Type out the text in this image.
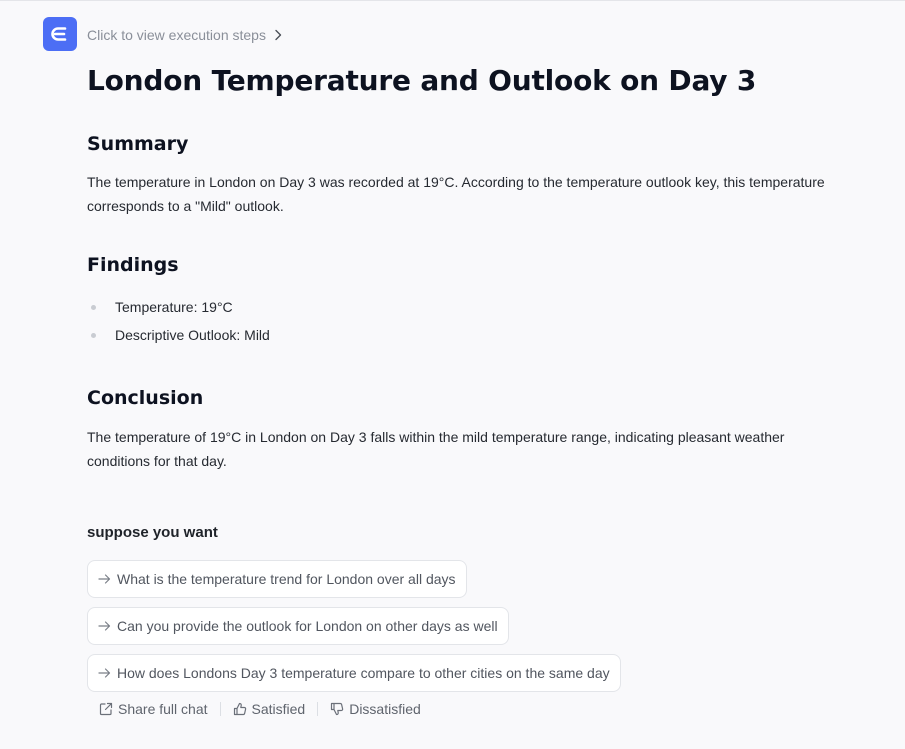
Click to view execution steps
London Temperature and Outlook on Day 3
Summary

The temperature in London on Day 3 was recorded at 19°C. According to the temperature outlook key, this temperature corresponds to a "Mild" outlook.

Findings
Temperature: 19°C
Descriptive Outlook: Mild
Conclusion

The temperature of 19°C in London on Day 3 falls within the mild temperature range, indicating pleasant weather conditions for that day.

suppose you want
What is the temperature trend for London over all days
Can you provide the outlook for London on other days as well
How does Londons Day 3 temperature compare to other cities on the same day
Share full chat	Satisfied	Dissatisfied
